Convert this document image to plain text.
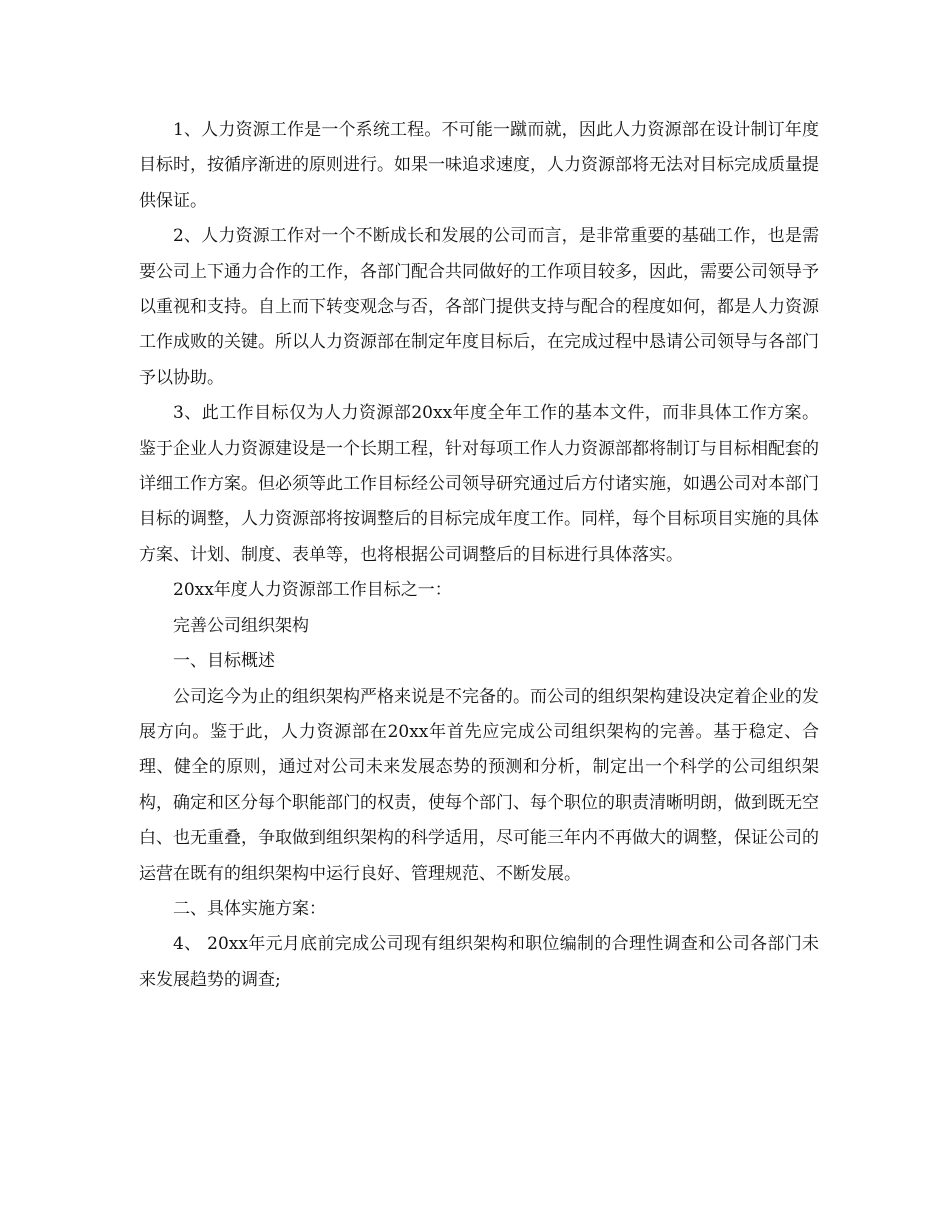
1、人力资源工作是一个系统工程。不可能一蹴而就，因此人力资源部在设计制订年度目标时，按循序渐进的原则进行。如果一味追求速度，人力资源部将无法对目标完成质量提供保证。

2、人力资源工作对一个不断成长和发展的公司而言，是非常重要的基础工作，也是需要公司上下通力合作的工作，各部门配合共同做好的工作项目较多，因此，需要公司领导予以重视和支持。自上而下转变观念与否，各部门提供支持与配合的程度如何，都是人力资源工作成败的关键。所以人力资源部在制定年度目标后，在完成过程中恳请公司领导与各部门予以协助。

3、此工作目标仅为人力资源部20xx年度全年工作的基本文件，而非具体工作方案。鉴于企业人力资源建设是一个长期工程，针对每项工作人力资源部都将制订与目标相配套的详细工作方案。但必须等此工作目标经公司领导研究通过后方付诸实施，如遇公司对本部门目标的调整，人力资源部将按调整后的目标完成年度工作。同样，每个目标项目实施的具体方案、计划、制度、表单等，也将根据公司调整后的目标进行具体落实。

20xx年度人力资源部工作目标之一：

完善公司组织架构

一、目标概述

公司迄今为止的组织架构严格来说是不完备的。而公司的组织架构建设决定着企业的发展方向。鉴于此，人力资源部在20xx年首先应完成公司组织架构的完善。基于稳定、合理、健全的原则，通过对公司未来发展态势的预测和分析，制定出一个科学的公司组织架构，确定和区分每个职能部门的权责，使每个部门、每个职位的职责清晰明朗，做到既无空白、也无重叠，争取做到组织架构的科学适用，尽可能三年内不再做大的调整，保证公司的运营在既有的组织架构中运行良好、管理规范、不断发展。

二、具体实施方案：

4、 20xx年元月底前完成公司现有组织架构和职位编制的合理性调查和公司各部门未来发展趋势的调查;
